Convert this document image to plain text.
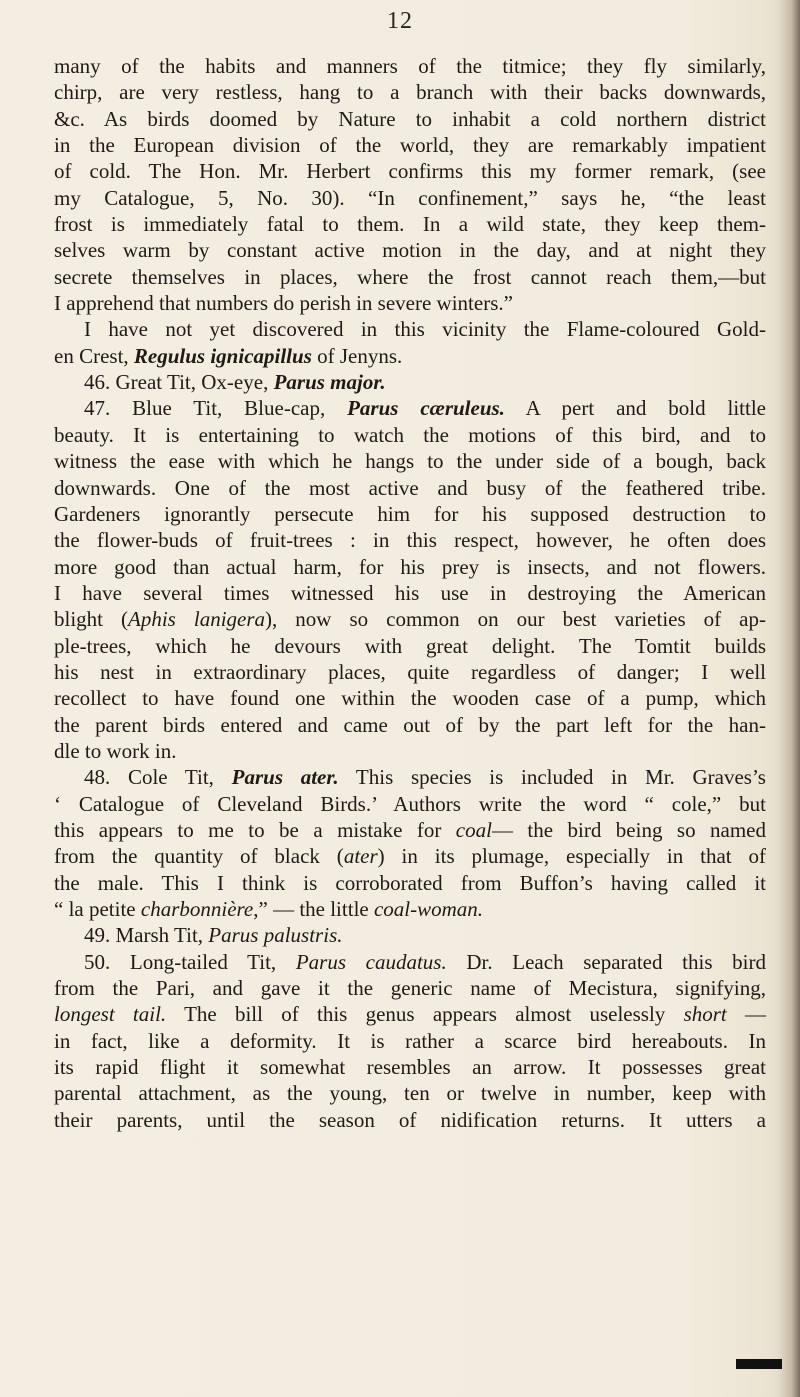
12
many of the habits and manners of the titmice; they fly similarly,
chirp, are very restless, hang to a branch with their backs downwards,
&c. As birds doomed by Nature to inhabit a cold northern district
in the European division of the world, they are remarkably impatient
of cold. The Hon. Mr. Herbert confirms this my former remark, (see
my Catalogue, 5, No. 30). “In confinement,” says he, “the least
frost is immediately fatal to them. In a wild state, they keep them-
selves warm by constant active motion in the day, and at night they
secrete themselves in places, where the frost cannot reach them,—but
I apprehend that numbers do perish in severe winters.”
I have not yet discovered in this vicinity the Flame-coloured Gold-
en Crest, Regulus ignicapillus of Jenyns.
46. Great Tit, Ox-eye, Parus major.
47. Blue Tit, Blue-cap, Parus cæruleus. A pert and bold little
beauty. It is entertaining to watch the motions of this bird, and to
witness the ease with which he hangs to the under side of a bough, back
downwards. One of the most active and busy of the feathered tribe.
Gardeners ignorantly persecute him for his supposed destruction to
the flower-buds of fruit-trees : in this respect, however, he often does
more good than actual harm, for his prey is insects, and not flowers.
I have several times witnessed his use in destroying the American
blight (Aphis lanigera), now so common on our best varieties of ap-
ple-trees, which he devours with great delight. The Tomtit builds
his nest in extraordinary places, quite regardless of danger; I well
recollect to have found one within the wooden case of a pump, which
the parent birds entered and came out of by the part left for the han-
dle to work in.
48. Cole Tit, Parus ater. This species is included in Mr. Graves’s
‘ Catalogue of Cleveland Birds.’ Authors write the word “ cole,” but
this appears to me to be a mistake for coal— the bird being so named
from the quantity of black (ater) in its plumage, especially in that of
the male. This I think is corroborated from Buffon’s having called it
“ la petite charbonnière,” — the little coal-woman.
49. Marsh Tit, Parus palustris.
50. Long-tailed Tit, Parus caudatus. Dr. Leach separated this bird
from the Pari, and gave it the generic name of Mecistura, signifying,
longest tail. The bill of this genus appears almost uselessly short —
in fact, like a deformity. It is rather a scarce bird hereabouts. In
its rapid flight it somewhat resembles an arrow. It possesses great
parental attachment, as the young, ten or twelve in number, keep with
their parents, until the season of nidification returns. It utters a
